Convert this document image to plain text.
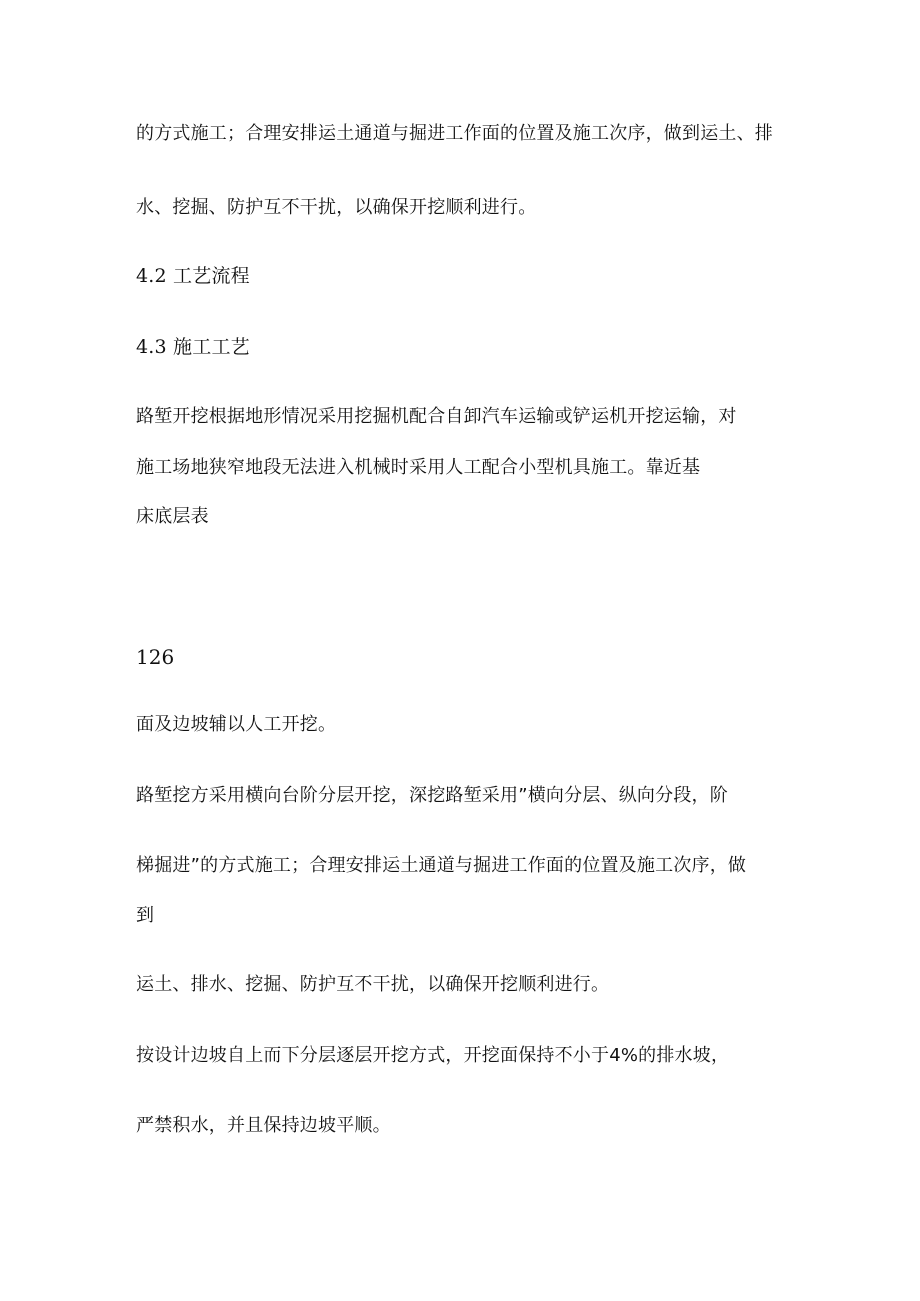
的方式施工；合理安排运土通道与掘进工作面的位置及施工次序，做到运土、排
水、挖掘、防护互不干扰，以确保开挖顺利进行。
4.2 工艺流程
4.3 施工工艺
路堑开挖根据地形情况采用挖掘机配合自卸汽车运输或铲运机开挖运输，对
施工场地狭窄地段无法进入机械时采用人工配合小型机具施工。靠近基
床底层表
126
面及边坡辅以人工开挖。
路堑挖方采用横向台阶分层开挖，深挖路堑采用”横向分层、纵向分段，阶
梯掘进”的方式施工；合理安排运土通道与掘进工作面的位置及施工次序，做
到
运土、排水、挖掘、防护互不干扰，以确保开挖顺利进行。
按设计边坡自上而下分层逐层开挖方式，开挖面保持不小于4%的排水坡，
严禁积水，并且保持边坡平顺。
